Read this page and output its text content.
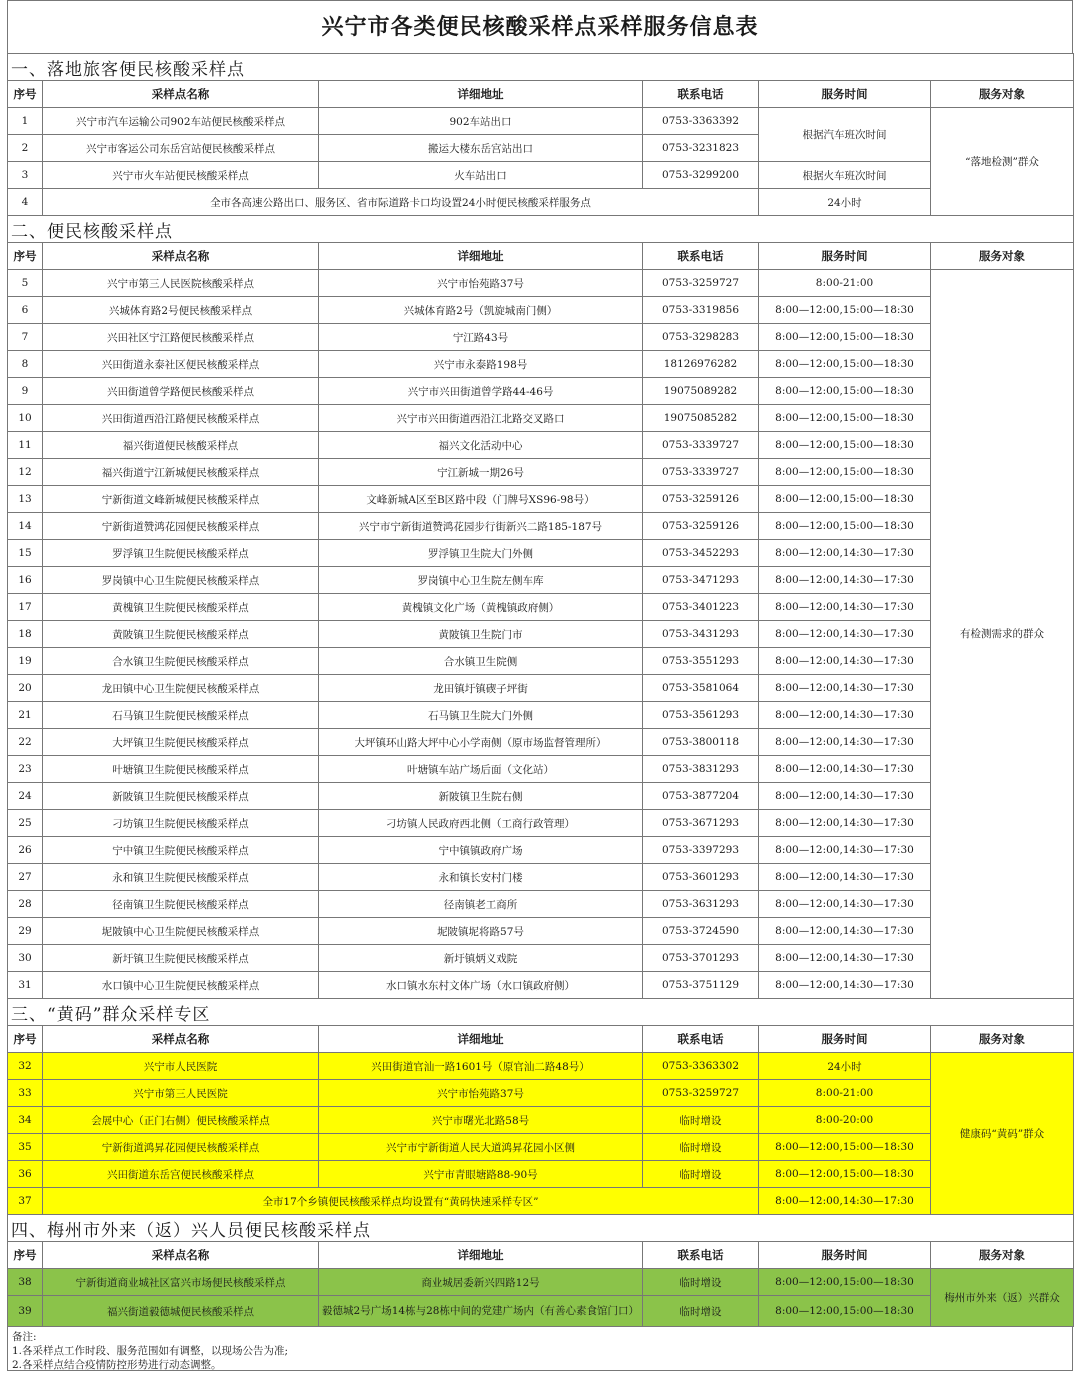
兴宁市各类便民核酸采样点采样服务信息表
一、落地旅客便民核酸采样点					
序号	采样点名称	详细地址	联系电话	服务时间	服务对象
1	兴宁市汽车运输公司902车站便民核酸采样点	902车站出口	0753-3363392	根据汽车班次时间	“落地检测”群众
2	兴宁市客运公司东岳宫站便民核酸采样点	搬运大楼东岳宫站出口	0753-3231823		
3	兴宁市火车站便民核酸采样点	火车站出口	0753-3299200	根据火车班次时间	
4	全市各高速公路出口、服务区、省市际道路卡口均设置24小时便民核酸采样服务点			24小时	
二、便民核酸采样点					
序号	采样点名称	详细地址	联系电话	服务时间	服务对象
5	兴宁市第三人民医院核酸采样点	兴宁市怡苑路37号	0753-3259727	8:00-21:00	有检测需求的群众
6	兴城体育路2号便民核酸采样点	兴城体育路2号（凯旋城南门侧）	0753-3319856	8:00—12:00,15:00—18:30	
7	兴田社区宁江路便民核酸采样点	宁江路43号	0753-3298283	8:00—12:00,15:00—18:30	
8	兴田街道永泰社区便民核酸采样点	兴宁市永泰路198号	18126976282	8:00—12:00,15:00—18:30	
9	兴田街道曾学路便民核酸采样点	兴宁市兴田街道曾学路44-46号	19075089282	8:00—12:00,15:00—18:30	
10	兴田街道西沿江路便民核酸采样点	兴宁市兴田街道西沿江北路交叉路口	19075085282	8:00—12:00,15:00—18:30	
11	福兴街道便民核酸采样点	福兴文化活动中心	0753-3339727	8:00—12:00,15:00—18:30	
12	福兴街道宁江新城便民核酸采样点	宁江新城一期26号	0753-3339727	8:00—12:00,15:00—18:30	
13	宁新街道文峰新城便民核酸采样点	文峰新城A区至B区路中段（门牌号XS96-98号）	0753-3259126	8:00—12:00,15:00—18:30	
14	宁新街道赞鸿花园便民核酸采样点	兴宁市宁新街道赞鸿花园步行街新兴二路185-187号	0753-3259126	8:00—12:00,15:00—18:30	
15	罗浮镇卫生院便民核酸采样点	罗浮镇卫生院大门外侧	0753-3452293	8:00—12:00,14:30—17:30	
16	罗岗镇中心卫生院便民核酸采样点	罗岗镇中心卫生院左侧车库	0753-3471293	8:00—12:00,14:30—17:30	
17	黄槐镇卫生院便民核酸采样点	黄槐镇文化广场（黄槐镇政府侧）	0753-3401223	8:00—12:00,14:30—17:30	
18	黄陂镇卫生院便民核酸采样点	黄陂镇卫生院门市	0753-3431293	8:00—12:00,14:30—17:30	
19	合水镇卫生院便民核酸采样点	合水镇卫生院侧	0753-3551293	8:00—12:00,14:30—17:30	
20	龙田镇中心卫生院便民核酸采样点	龙田镇圩镇碶子坪街	0753-3581064	8:00—12:00,14:30—17:30	
21	石马镇卫生院便民核酸采样点	石马镇卫生院大门外侧	0753-3561293	8:00—12:00,14:30—17:30	
22	大坪镇卫生院便民核酸采样点	大坪镇环山路大坪中心小学南侧（原市场监督管理所）	0753-3800118	8:00—12:00,14:30—17:30	
23	叶塘镇卫生院便民核酸采样点	叶塘镇车站广场后面（文化站）	0753-3831293	8:00—12:00,14:30—17:30	
24	新陂镇卫生院便民核酸采样点	新陂镇卫生院右侧	0753-3877204	8:00—12:00,14:30—17:30	
25	刁坊镇卫生院便民核酸采样点	刁坊镇人民政府西北侧（工商行政管理）	0753-3671293	8:00—12:00,14:30—17:30	
26	宁中镇卫生院便民核酸采样点	宁中镇镇政府广场	0753-3397293	8:00—12:00,14:30—17:30	
27	永和镇卫生院便民核酸采样点	永和镇长安村门楼	0753-3601293	8:00—12:00,14:30—17:30	
28	径南镇卫生院便民核酸采样点	径南镇老工商所	0753-3631293	8:00—12:00,14:30—17:30	
29	坭陂镇中心卫生院便民核酸采样点	坭陂镇坭将路57号	0753-3724590	8:00—12:00,14:30—17:30	
30	新圩镇卫生院便民核酸采样点	新圩镇炳义戏院	0753-3701293	8:00—12:00,14:30—17:30	
31	水口镇中心卫生院便民核酸采样点	水口镇水东村文体广场（水口镇政府侧）	0753-3751129	8:00—12:00,14:30—17:30	
三、“黄码”群众采样专区					
序号	采样点名称	详细地址	联系电话	服务时间	服务对象
32	兴宁市人民医院	兴田街道官汕一路1601号（原官汕二路48号）	0753-3363302	24小时	健康码“黄码”群众
33	兴宁市第三人民医院	兴宁市怡苑路37号	0753-3259727	8:00-21:00	
34	会展中心（正门右侧）便民核酸采样点	兴宁市曙光北路58号	临时增设	8:00-20:00	
35	宁新街道鸿昇花园便民核酸采样点	兴宁市宁新街道人民大道鸿昇花园小区侧	临时增设	8:00—12:00,15:00—18:30	
36	兴田街道东岳宫便民核酸采样点	兴宁市青眼塘路88-90号	临时增设	8:00—12:00,15:00—18:30	
37	全市17个乡镇便民核酸采样点均设置有“黄码快速采样专区”			8:00—12:00,14:30—17:30	
四、梅州市外来（返）兴人员便民核酸采样点					
序号	采样点名称	详细地址	联系电话	服务时间	服务对象
38	宁新街道商业城社区富兴市场便民核酸采样点	商业城居委新兴四路12号	临时增设	8:00—12:00,15:00—18:30	梅州市外来（返）兴群众
39	福兴街道毅德城便民核酸采样点	毅德城2号广场14栋与28栋中间的党建广场内（有善心素食馆门口）	临时增设	8:00—12:00,15:00—18:30	
备注:
1.各采样点工作时段、服务范围如有调整，以现场公告为准;
2.各采样点结合疫情防控形势进行动态调整。
